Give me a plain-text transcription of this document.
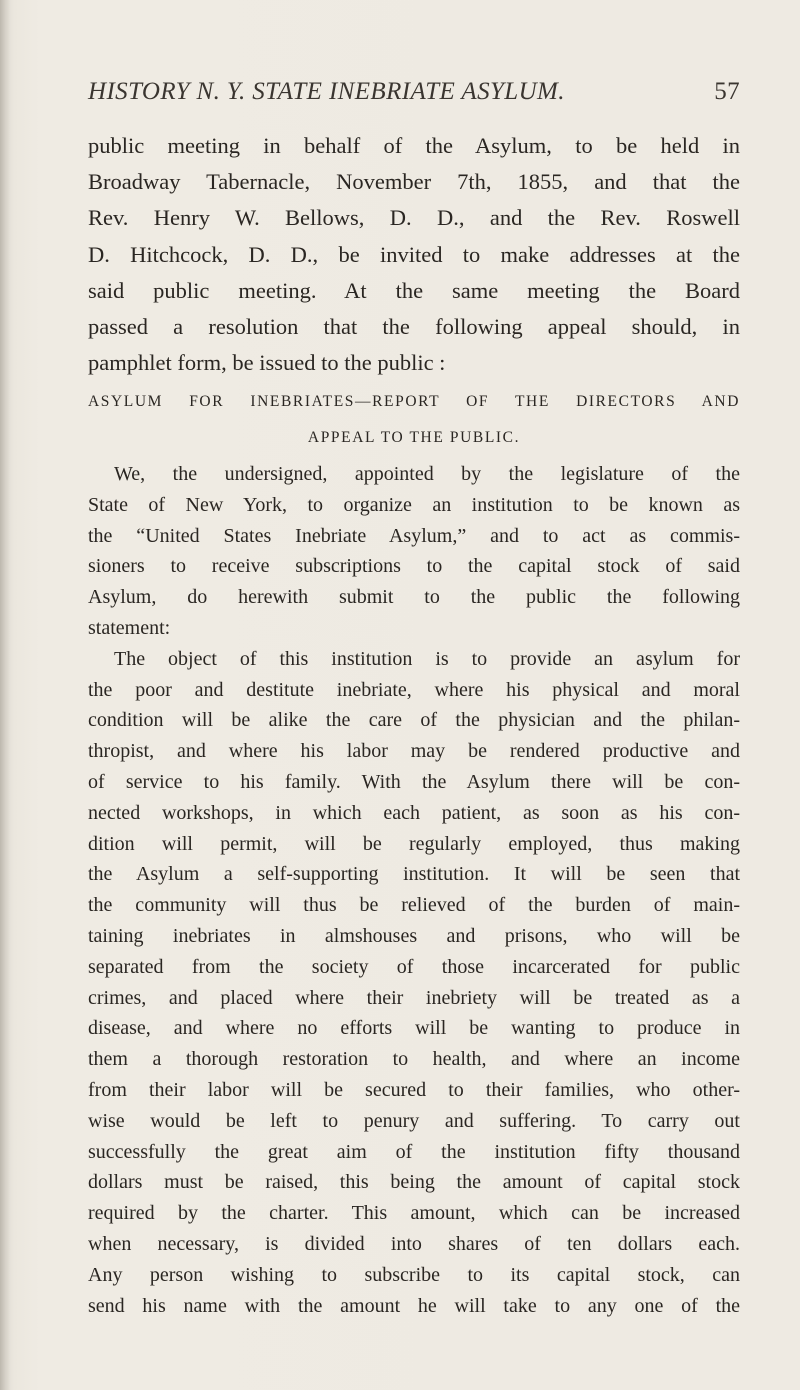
HISTORY N. Y. STATE INEBRIATE ASYLUM.	57
public meeting in behalf of the Asylum, to be held in
Broadway Tabernacle, November 7th, 1855, and that the
Rev. Henry W. Bellows, D. D., and the Rev. Roswell
D. Hitchcock, D. D., be invited to make addresses at the
said public meeting. At the same meeting the Board
passed a resolution that the following appeal should, in
pamphlet form, be issued to the public :
ASYLUM FOR INEBRIATES—REPORT OF THE DIRECTORS AND
APPEAL TO THE PUBLIC.
We, the undersigned, appointed by the legislature of the
State of New York, to organize an institution to be known as
the “United States Inebriate Asylum,” and to act as commis-
sioners to receive subscriptions to the capital stock of said
Asylum, do herewith submit to the public the following
statement:
The object of this institution is to provide an asylum for
the poor and destitute inebriate, where his physical and moral
condition will be alike the care of the physician and the philan-
thropist, and where his labor may be rendered productive and
of service to his family. With the Asylum there will be con-
nected workshops, in which each patient, as soon as his con-
dition will permit, will be regularly employed, thus making
the Asylum a self-supporting institution. It will be seen that
the community will thus be relieved of the burden of main-
taining inebriates in almshouses and prisons, who will be
separated from the society of those incarcerated for public
crimes, and placed where their inebriety will be treated as a
disease, and where no efforts will be wanting to produce in
them a thorough restoration to health, and where an income
from their labor will be secured to their families, who other-
wise would be left to penury and suffering. To carry out
successfully the great aim of the institution fifty thousand
dollars must be raised, this being the amount of capital stock
required by the charter. This amount, which can be increased
when necessary, is divided into shares of ten dollars each.
Any person wishing to subscribe to its capital stock, can
send his name with the amount he will take to any one of the
